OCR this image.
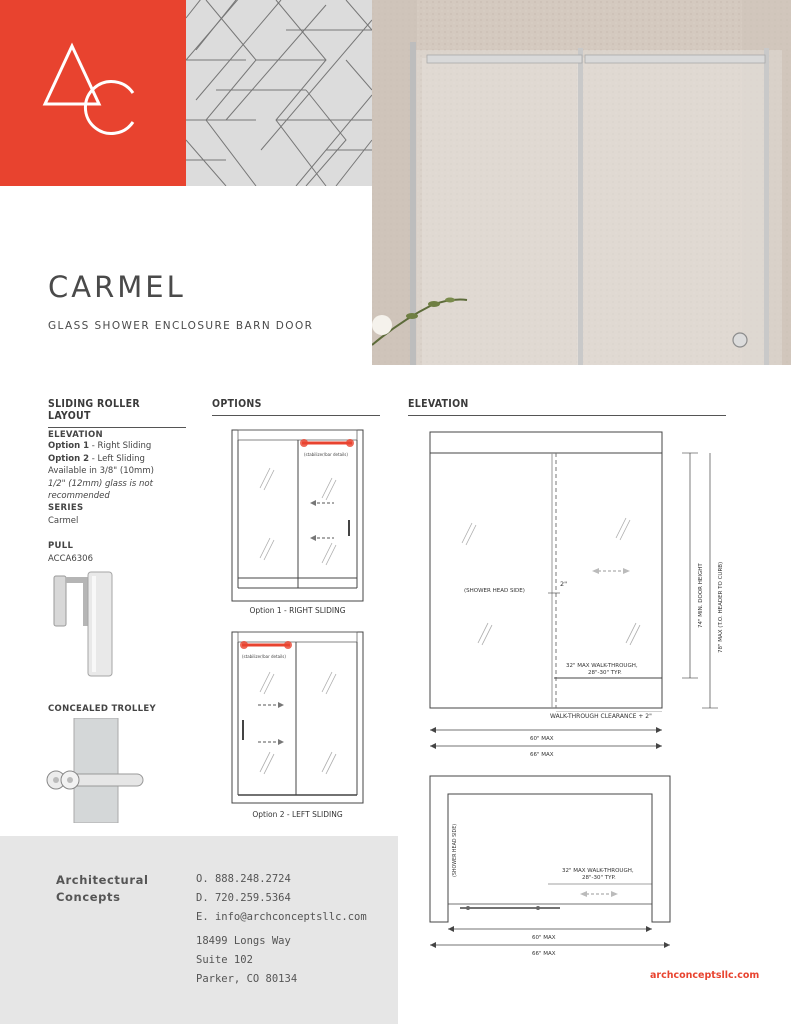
CARMEL
GLASS SHOWER ENCLOSURE BARN DOOR
SLIDING ROLLER LAYOUT
OPTIONS	ELEVATION
ELEVATION
Option 1 - Right Sliding
Option 2 - Left Sliding
Available in 3/8" (10mm)
1/2" (12mm) glass is not recommended
SERIES
Carmel
PULL
ACCA6306
CONCEALED TROLLEY
(stabilizer/bar details)
Option 1 - RIGHT SLIDING
(stabilizer/bar details)
Option 2 - LEFT SLIDING
(SHOWER HEAD SIDE)
2"
32" MAX WALK-THROUGH,
28"-30" TYP.
WALK-THROUGH CLEARANCE + 2"
60" MAX
66" MAX
74" MIN. DOOR HEIGHT	78" MAX (T.O. HEADER TO CURB)
(SHOWER HEAD SIDE)	32" MAX WALK-THROUGH,
28"-30" TYP.
60" MAX
66" MAX
Architectural
Concepts
O. 888.248.2724
D. 720.259.5364
E. info@archconceptsllc.com
18499 Longs Way
Suite 102
Parker, CO 80134	archconceptsllc.com
